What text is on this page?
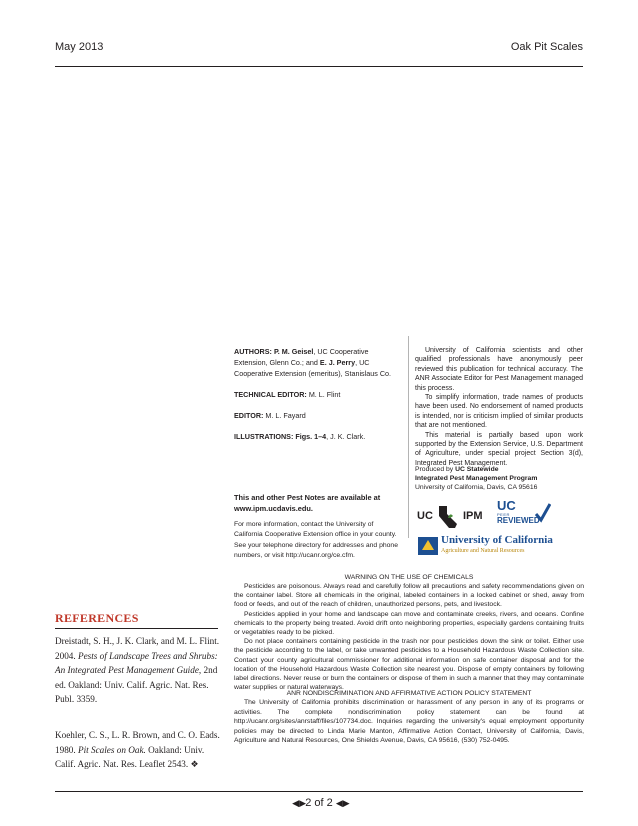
May 2013	Oak Pit Scales

AUTHORS: P. M. Geisel, UC Cooperative Extension, Glenn Co.; and E. J. Perry, UC Cooperative Extension (emeritus), Stanislaus Co.

TECHNICAL EDITOR: M. L. Flint

EDITOR: M. L. Fayard

ILLUSTRATIONS: Figs. 1–4, J. K. Clark.

University of California scientists and other qualified professionals have anonymously peer reviewed this publication for technical accuracy. The ANR Associate Editor for Pest Management managed this process.

To simplify information, trade names of products have been used. No endorsement of named products is intended, nor is criticism implied of similar products that are not mentioned.

This material is partially based upon work supported by the Extension Service, U.S. Department of Agriculture, under special project Section 3(d), Integrated Pest Management.

Produced by UC Statewide
Integrated Pest Management Program
University of California, Davis, CA 95616
This and other Pest Notes are available at
www.ipm.ucdavis.edu.
For more information, contact the University of California Cooperative Extension office in your county. See your telephone directory for addresses and phone numbers, or visit http://ucanr.org/ce.cfm.
UC	IPM
UC
PEER
REVIEWED
University of California
Agriculture and Natural Resources
WARNING ON THE USE OF CHEMICALS

Pesticides are poisonous. Always read and carefully follow all precautions and safety recommendations given on the container label. Store all chemicals in the original, labeled containers in a locked cabinet or shed, away from food or feeds, and out of the reach of children, unauthorized persons, pets, and livestock.

Pesticides applied in your home and landscape can move and contaminate creeks, rivers, and oceans. Confine chemicals to the property being treated. Avoid drift onto neighboring properties, especially gardens containing fruits or vegetables ready to be picked.

Do not place containers containing pesticide in the trash nor pour pesticides down the sink or toilet. Either use the pesticide according to the label, or take unwanted pesticides to a Household Hazardous Waste Collection site. Contact your county agricultural commissioner for additional information on safe container disposal and for the location of the Household Hazardous Waste Collection site nearest you. Dispose of empty containers by following label directions. Never reuse or burn the containers or dispose of them in such a manner that they may contaminate water supplies or natural waterways.

ANR NONDISCRIMINATION AND AFFIRMATIVE ACTION POLICY STATEMENT

The University of California prohibits discrimination or harassment of any person in any of its programs or activities. The complete nondiscrimination policy statement can be found at http://ucanr.org/sites/anrstaff/files/107734.doc. Inquiries regarding the university's equal employment opportunity policies may be directed to Linda Marie Manton, Affirmative Action Contact, University of California, Davis, Agriculture and Natural Resources, One Shields Avenue, Davis, CA 95616, (530) 752-0495.

REFERENCES
Dreistadt, S. H., J. K. Clark, and M. L. Flint. 2004. Pests of Landscape Trees and Shrubs: An Integrated Pest Management Guide, 2nd ed. Oakland: Univ. Calif. Agric. Nat. Res. Publ. 3359.
Koehler, C. S., L. R. Brown, and C. O. Eads. 1980. Pit Scales on Oak. Oakland: Univ. Calif. Agric. Nat. Res. Leaflet 2543. ❖
◀▶ 2 of 2 ◀▶
